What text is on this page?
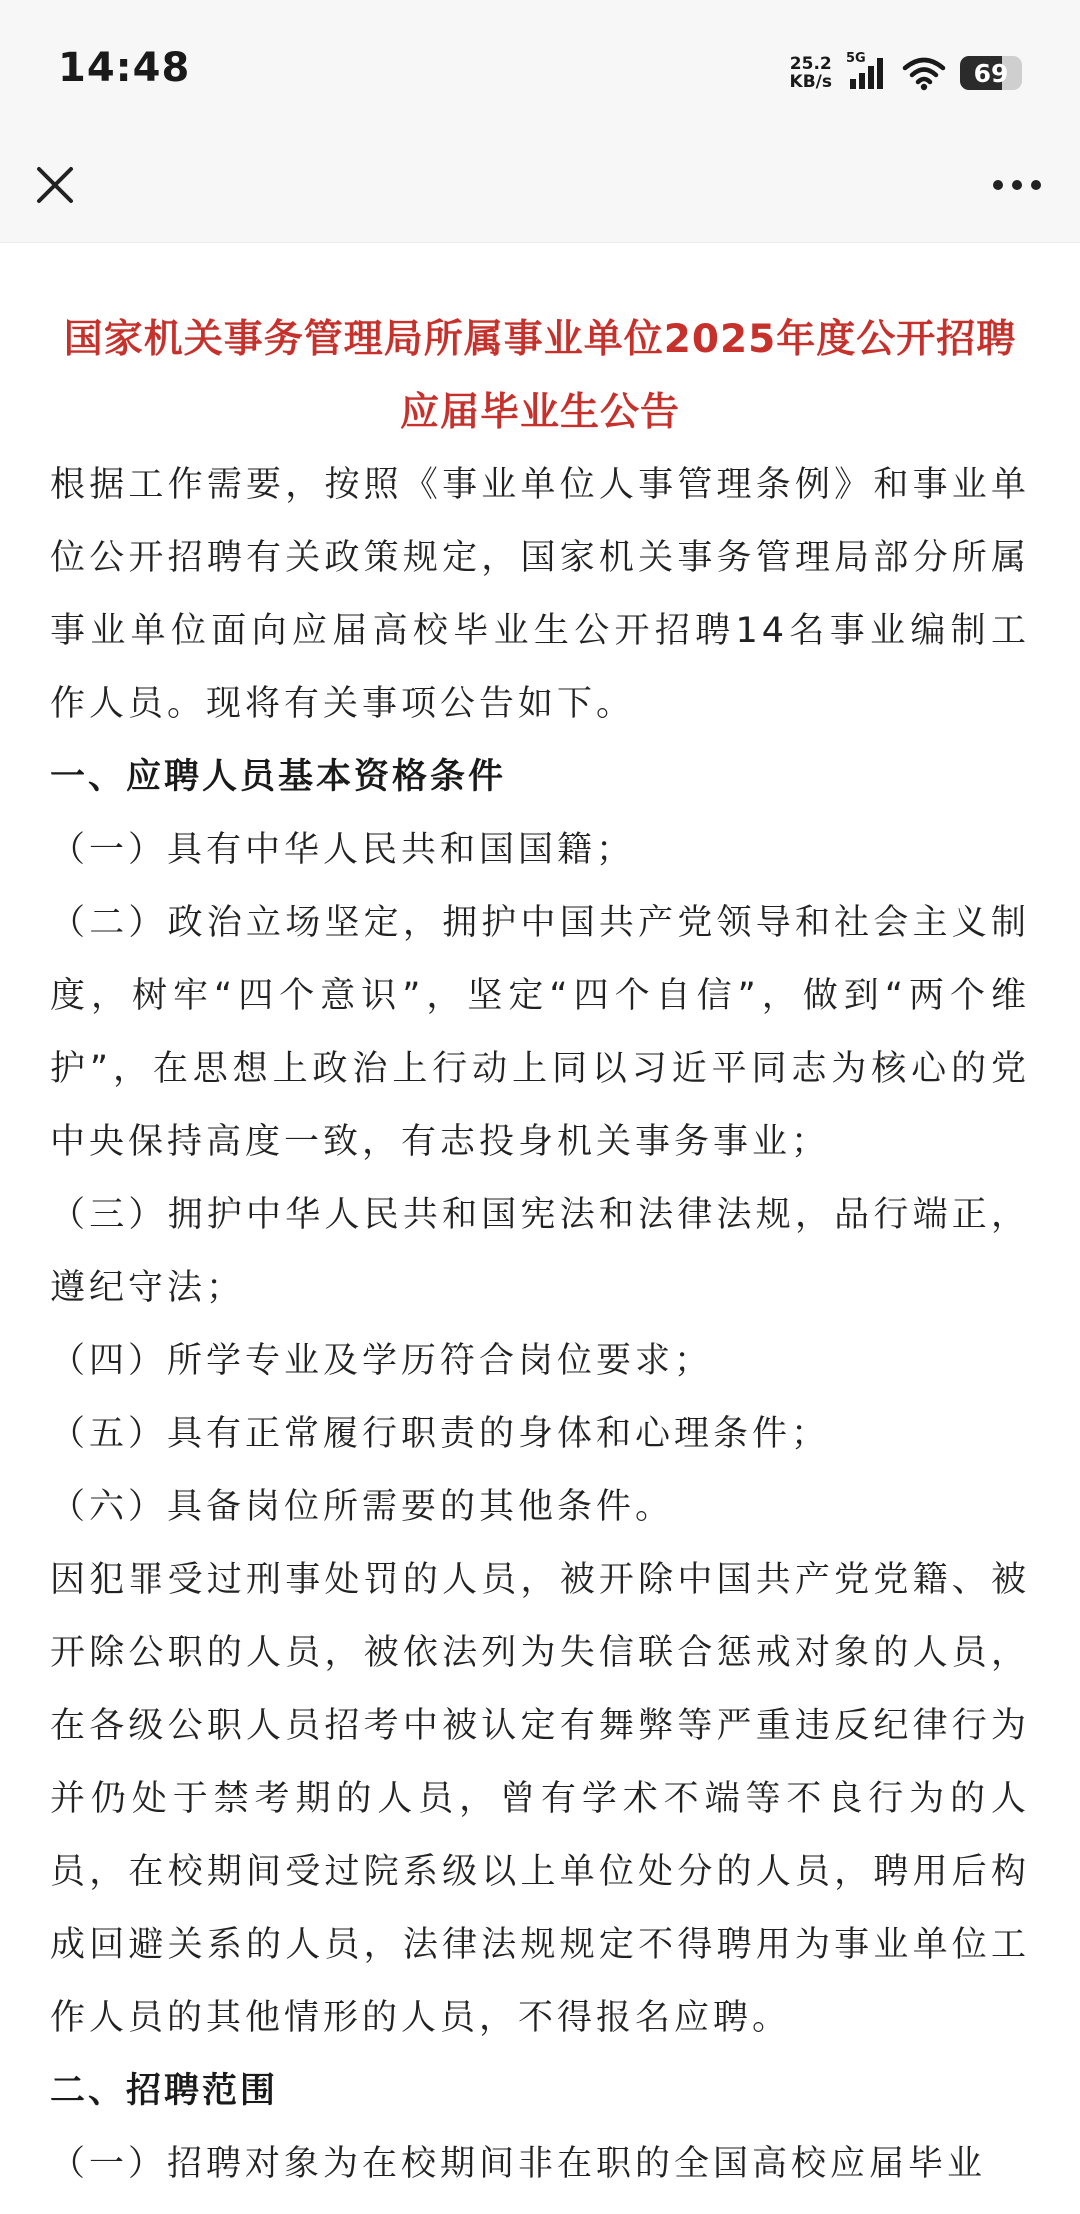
14:48	25.2
KB/s
5G	69
国家机关事务管理局所属事业单位2025年度公开招聘应届毕业生公告
根据工作需要，按照《事业单位人事管理条例》和事业单位公开招聘有关政策规定，国家机关事务管理局部分所属事业单位面向应届高校毕业生公开招聘14名事业编制工作人员。现将有关事项公告如下。
一、应聘人员基本资格条件
（一）具有中华人民共和国国籍；
（二）政治立场坚定，拥护中国共产党领导和社会主义制度，树牢“四个意识”，坚定“四个自信”，做到“两个维护”，在思想上政治上行动上同以习近平同志为核心的党中央保持高度一致，有志投身机关事务事业；
（三）拥护中华人民共和国宪法和法律法规，品行端正，遵纪守法；
（四）所学专业及学历符合岗位要求；
（五）具有正常履行职责的身体和心理条件；
（六）具备岗位所需要的其他条件。
因犯罪受过刑事处罚的人员，被开除中国共产党党籍、被开除公职的人员，被依法列为失信联合惩戒对象的人员，在各级公职人员招考中被认定有舞弊等严重违反纪律行为并仍处于禁考期的人员，曾有学术不端等不良行为的人员，在校期间受过院系级以上单位处分的人员，聘用后构成回避关系的人员，法律法规规定不得聘用为事业单位工作人员的其他情形的人员，不得报名应聘。
二、招聘范围
（一）招聘对象为在校期间非在职的全国高校应届毕业
